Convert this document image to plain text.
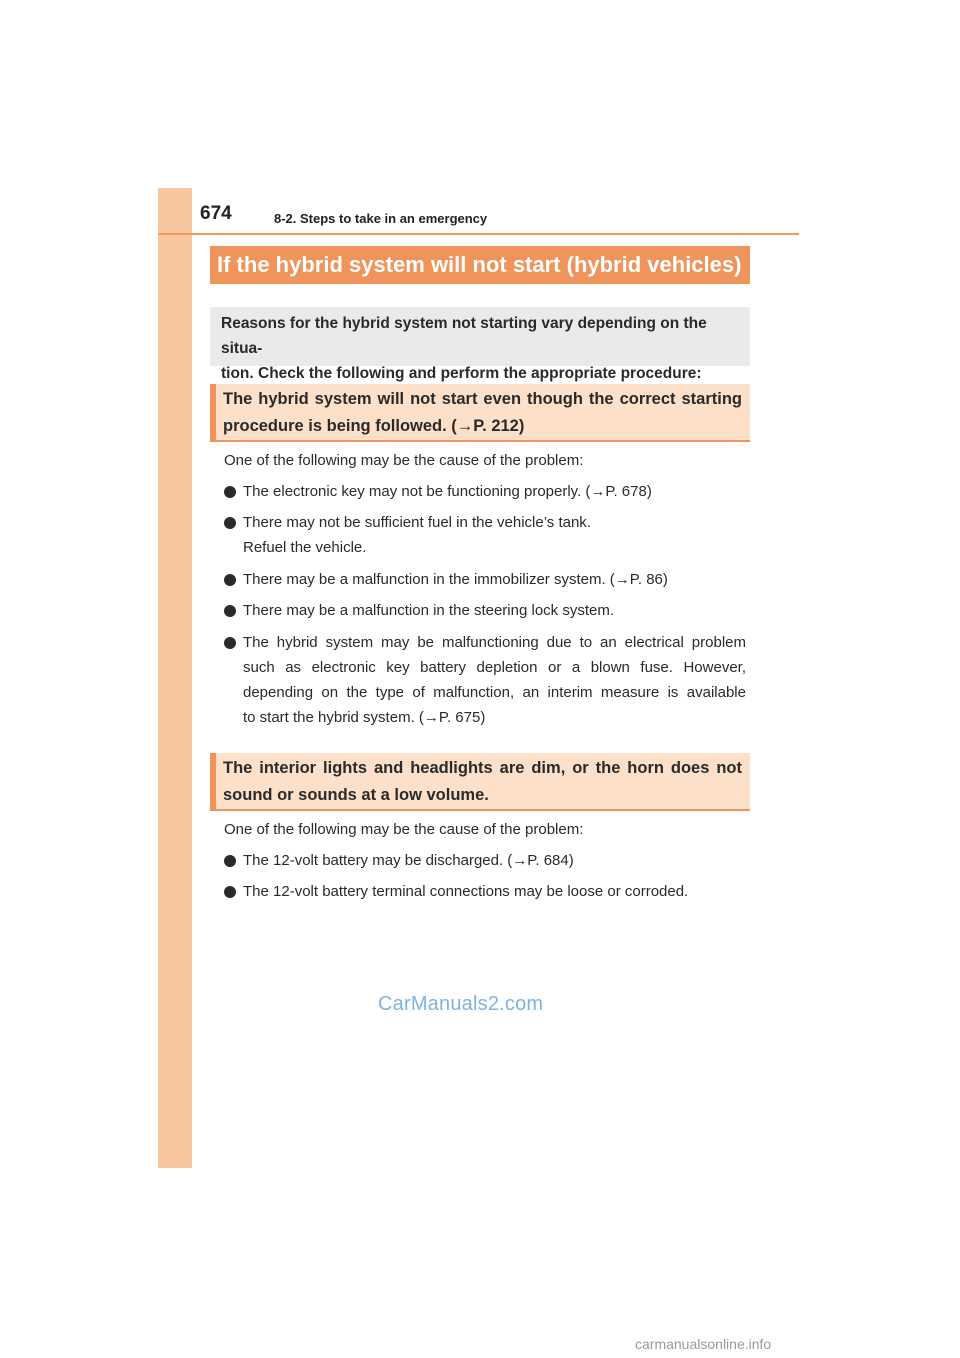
674	8-2. Steps to take in an emergency
If the hybrid system will not start (hybrid vehicles)
Reasons for the hybrid system not starting vary depending on the situa-
tion. Check the following and perform the appropriate procedure:
The hybrid system will not start even though the correct starting
procedure is being followed. (→P. 212)
One of the following may be the cause of the problem:
The electronic key may not be functioning properly. (→P. 678)
There may not be sufficient fuel in the vehicle’s tank.
Refuel the vehicle.
There may be a malfunction in the immobilizer system. (→P. 86)
There may be a malfunction in the steering lock system.
The hybrid system may be malfunctioning due to an electrical problem
such as electronic key battery depletion or a blown fuse. However,
depending on the type of malfunction, an interim measure is available
to start the hybrid system. (→P. 675)
The interior lights and headlights are dim, or the horn does not
sound or sounds at a low volume.
One of the following may be the cause of the problem:
The 12-volt battery may be discharged. (→P. 684)
The 12-volt battery terminal connections may be loose or corroded.
CarManuals2.com
carmanualsonline.info
